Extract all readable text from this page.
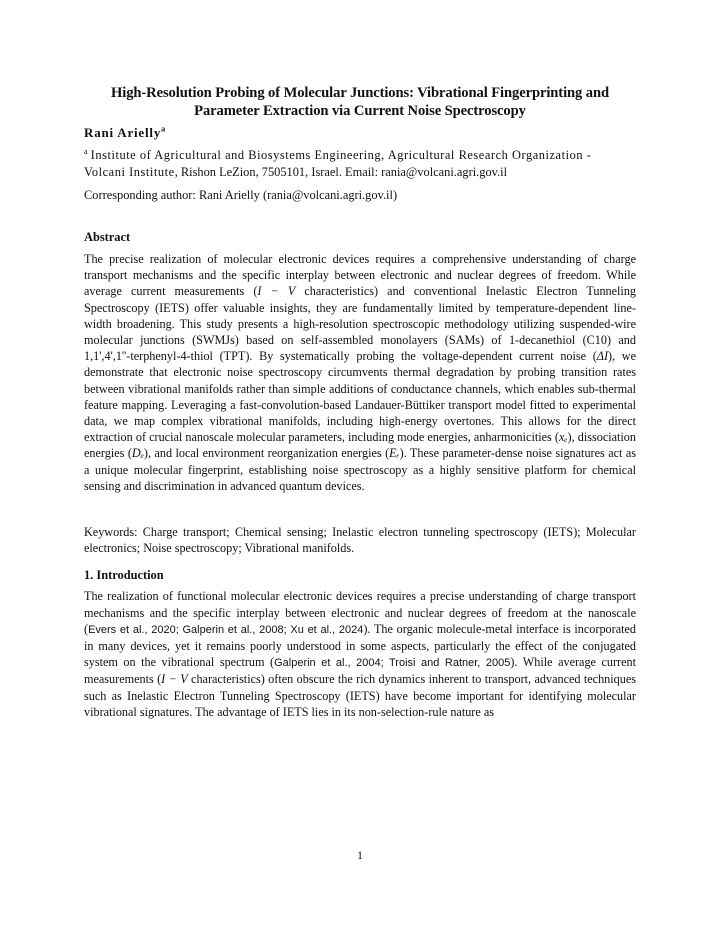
High-Resolution Probing of Molecular Junctions: Vibrational Fingerprinting and Parameter Extraction via Current Noise Spectroscopy

Rani Arielly$^a$

$^a$ Institute of Agricultural and Biosystems Engineering, Agricultural Research Organization - Volcani Institute, Rishon LeZion, 7505101, Israel. Email: rania@volcani.agri.gov.il

Corresponding author: Rani Arielly (rania@volcani.agri.gov.il)

Abstract

The precise realization of molecular electronic devices requires a comprehensive understanding of charge transport mechanisms and the specific interplay between electronic and nuclear degrees of freedom. While average current measurements (I − V characteristics) and conventional Inelastic Electron Tunneling Spectroscopy (IETS) offer valuable insights, they are fundamentally limited by temperature-dependent line-width broadening. This study presents a high-resolution spectroscopic methodology utilizing suspended-wire molecular junctions (SWMJs) based on self-assembled monolayers (SAMs) of 1-decanethiol (C10) and 1,1',4',1''-terphenyl-4-thiol (TPT). By systematically probing the voltage-dependent current noise (ΔI), we demonstrate that electronic noise spectroscopy circumvents thermal degradation by probing transition rates between vibrational manifolds rather than simple additions of conductance channels, which enables sub-thermal feature mapping. Leveraging a fast-convolution-based Landauer-Büttiker transport model fitted to experimental data, we map complex vibrational manifolds, including high-energy overtones. This allows for the direct extraction of crucial nanoscale molecular parameters, including mode energies, anharmonicities (xₑ), dissociation energies (Dₑ), and local environment reorganization energies (Eᵣ). These parameter-dense noise signatures act as a unique molecular fingerprint, establishing noise spectroscopy as a highly sensitive platform for chemical sensing and discrimination in advanced quantum devices.

Keywords: Charge transport; Chemical sensing; Inelastic electron tunneling spectroscopy (IETS); Molecular electronics; Noise spectroscopy; Vibrational manifolds.

1. Introduction

The realization of functional molecular electronic devices requires a precise understanding of charge transport mechanisms and the specific interplay between electronic and nuclear degrees of freedom at the nanoscale (Evers et al., 2020; Galperin et al., 2008; Xu et al., 2024). The organic molecule-metal interface is incorporated in many devices, yet it remains poorly understood in some aspects, particularly the effect of the conjugated system on the vibrational spectrum (Galperin et al., 2004; Troisi and Ratner, 2005). While average current measurements (I − V characteristics) often obscure the rich dynamics inherent to transport, advanced techniques such as Inelastic Electron Tunneling Spectroscopy (IETS) have become important for identifying molecular vibrational signatures. The advantage of IETS lies in its non-selection-rule nature as

1
